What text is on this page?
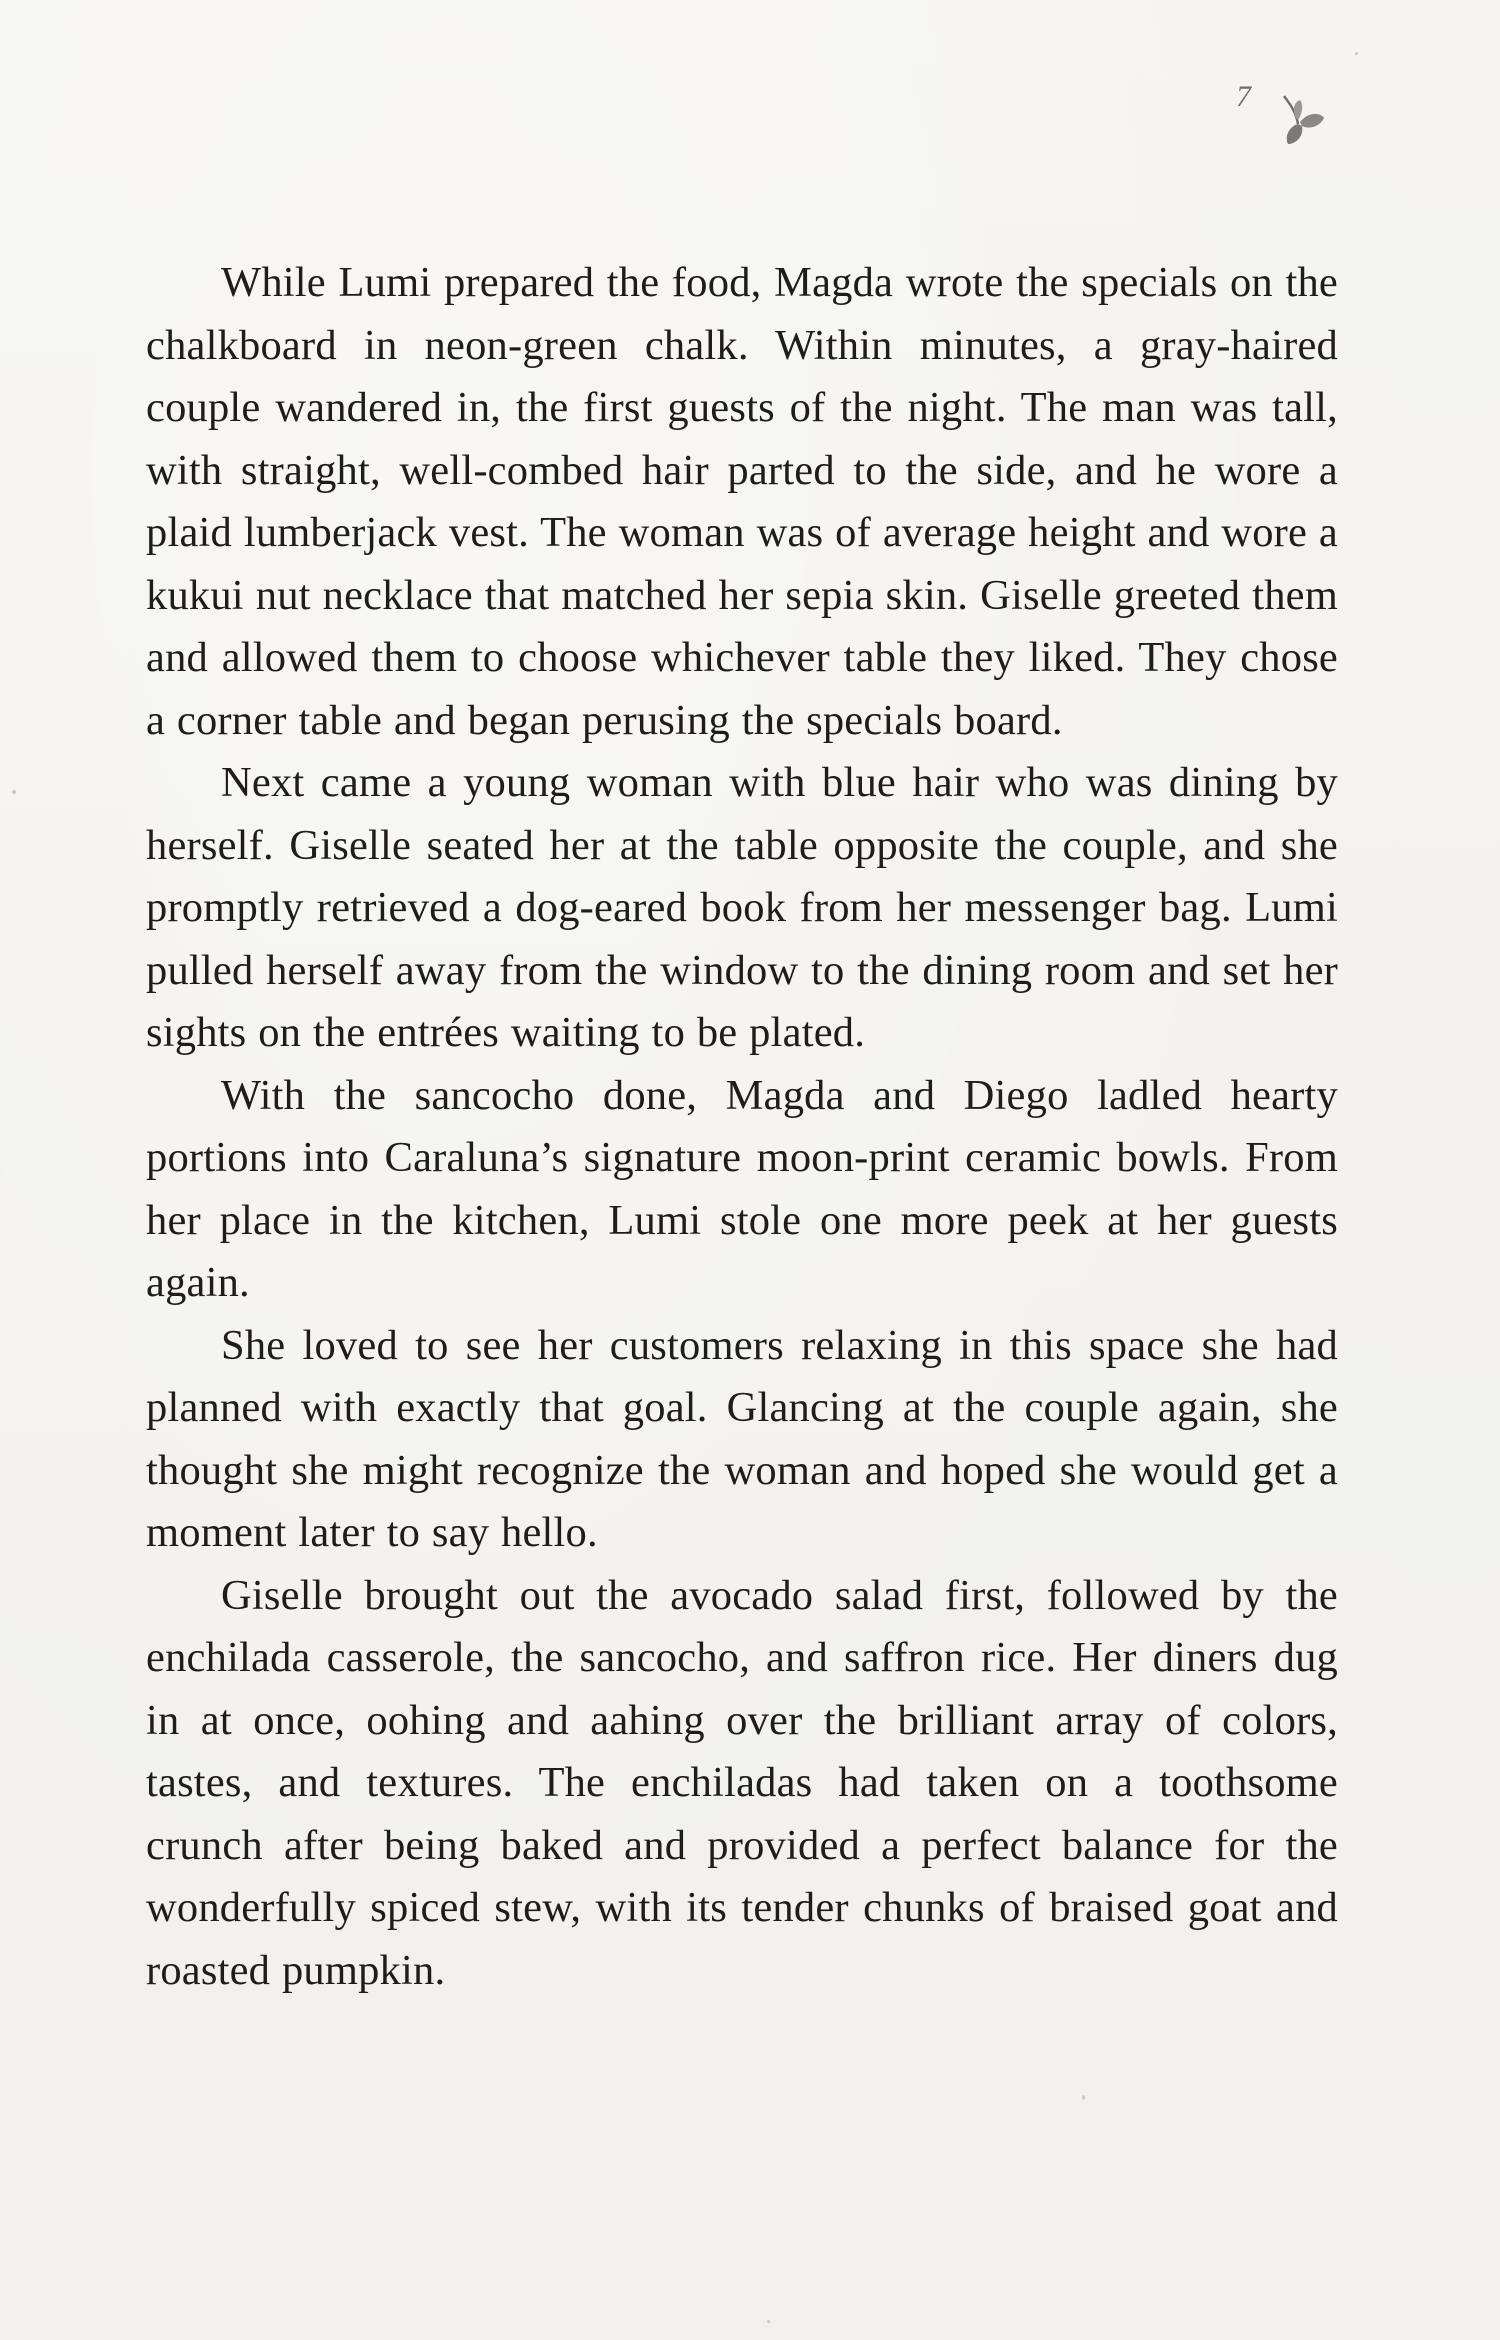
7

While Lumi prepared the food, Magda wrote the specials on the chalkboard in neon-green chalk. Within minutes, a gray-haired couple wandered in, the first guests of the night. The man was tall, with straight, well-combed hair parted to the side, and he wore a plaid lumberjack vest. The woman was of average height and wore a kukui nut necklace that matched her sepia skin. Giselle greeted them and allowed them to choose whichever table they liked. They chose a corner table and began perusing the specials board.

Next came a young woman with blue hair who was dining by herself. Giselle seated her at the table opposite the couple, and she promptly retrieved a dog-eared book from her messenger bag. Lumi pulled herself away from the window to the dining room and set her sights on the entrées waiting to be plated.

With the sancocho done, Magda and Diego ladled hearty portions into Caraluna’s signature moon-print ceramic bowls. From her place in the kitchen, Lumi stole one more peek at her guests again.

She loved to see her customers relaxing in this space she had planned with exactly that goal. Glancing at the couple again, she thought she might recognize the woman and hoped she would get a moment later to say hello.

Giselle brought out the avocado salad first, followed by the enchilada casserole, the sancocho, and saffron rice. Her diners dug in at once, oohing and aahing over the brilliant array of colors, tastes, and textures. The enchiladas had taken on a toothsome crunch after being baked and provided a perfect balance for the wonderfully spiced stew, with its tender chunks of braised goat and roasted pumpkin.
